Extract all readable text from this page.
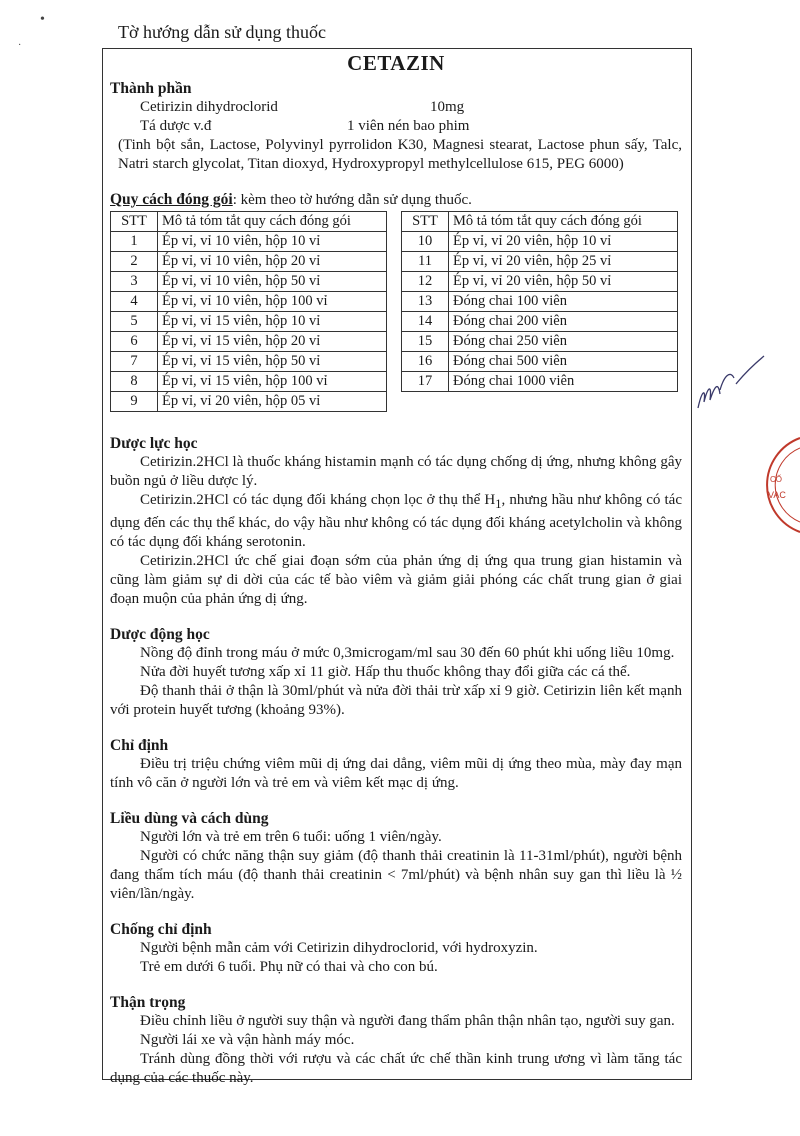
Tờ hướng dẫn sử dụng thuốc
CETAZIN

Thành phần

Cetirizin dihydroclorid	10mg
Tá dược v.đ	1 viên nén bao phim

(Tinh bột sắn, Lactose, Polyvinyl pyrrolidon K30, Magnesi stearat, Lactose phun sấy, Talc, Natri starch glycolat, Titan dioxyd, Hydroxypropyl methylcellulose 615, PEG 6000)

Quy cách đóng gói: kèm theo tờ hướng dẫn sử dụng thuốc.

STT	Mô tả tóm tắt quy cách đóng gói
1	Ép vỉ, vỉ 10 viên, hộp 10 vỉ
2	Ép vỉ, vỉ 10 viên, hộp 20 vỉ
3	Ép vỉ, vỉ 10 viên, hộp 50 vỉ
4	Ép vỉ, vỉ 10 viên, hộp 100 vỉ
5	Ép vỉ, vỉ 15 viên, hộp 10 vỉ
6	Ép vỉ, vỉ 15 viên, hộp 20 vỉ
7	Ép vỉ, vỉ 15 viên, hộp 50 vỉ
8	Ép vỉ, vỉ 15 viên, hộp 100 vỉ
9	Ép vỉ, vỉ 20 viên, hộp 05 vỉ
STT	Mô tả tóm tắt quy cách đóng gói
10	Ép vỉ, vỉ 20 viên, hộp 10 vỉ
11	Ép vỉ, vỉ 20 viên, hộp 25 vỉ
12	Ép vỉ, vỉ 20 viên, hộp 50 vỉ
13	Đóng chai 100 viên
14	Đóng chai 200 viên
15	Đóng chai 250 viên
16	Đóng chai 500 viên
17	Đóng chai 1000 viên

Dược lực học

Cetirizin.2HCl là thuốc kháng histamin mạnh có tác dụng chống dị ứng, nhưng không gây buồn ngủ ở liều dược lý.

Cetirizin.2HCl có tác dụng đối kháng chọn lọc ở thụ thể $H_1$, nhưng hầu như không có tác dụng đến các thụ thể khác, do vậy hầu như không có tác dụng đối kháng acetylcholin và không có tác dụng đối kháng serotonin.

Cetirizin.2HCl ức chế giai đoạn sớm của phản ứng dị ứng qua trung gian histamin và cũng làm giảm sự di dời của các tế bào viêm và giảm giải phóng các chất trung gian ở giai đoạn muộn của phản ứng dị ứng.

Dược động học

Nồng độ đỉnh trong máu ở mức 0,3microgam/ml sau 30 đến 60 phút khi uống liều 10mg.

Nửa đời huyết tương xấp xỉ 11 giờ. Hấp thu thuốc không thay đổi giữa các cá thể.

Độ thanh thải ở thận là 30ml/phút và nửa đời thải trừ xấp xỉ 9 giờ. Cetirizin liên kết mạnh với protein huyết tương (khoảng 93%).

Chỉ định

Điều trị triệu chứng viêm mũi dị ứng dai dẳng, viêm mũi dị ứng theo mùa, mày đay mạn tính vô căn ở người lớn và trẻ em và viêm kết mạc dị ứng.

Liều dùng và cách dùng

Người lớn và trẻ em trên 6 tuổi: uống 1 viên/ngày.

Người có chức năng thận suy giảm (độ thanh thải creatinin là 11-31ml/phút), người bệnh đang thẩm tích máu (độ thanh thải creatinin < 7ml/phút) và bệnh nhân suy gan thì liều là ½ viên/lần/ngày.

Chống chỉ định

Người bệnh mẫn cảm với Cetirizin dihydroclorid, với hydroxyzin.

Trẻ em dưới 6 tuổi. Phụ nữ có thai và cho con bú.

Thận trọng

Điều chỉnh liều ở người suy thận và người đang thẩm phân thận nhân tạo, người suy gan.

Người lái xe và vận hành máy móc.

Tránh dùng đồng thời với rượu và các chất ức chế thần kinh trung ương vì làm tăng tác dụng của các thuốc này.

CỐ
VAC
•
·
